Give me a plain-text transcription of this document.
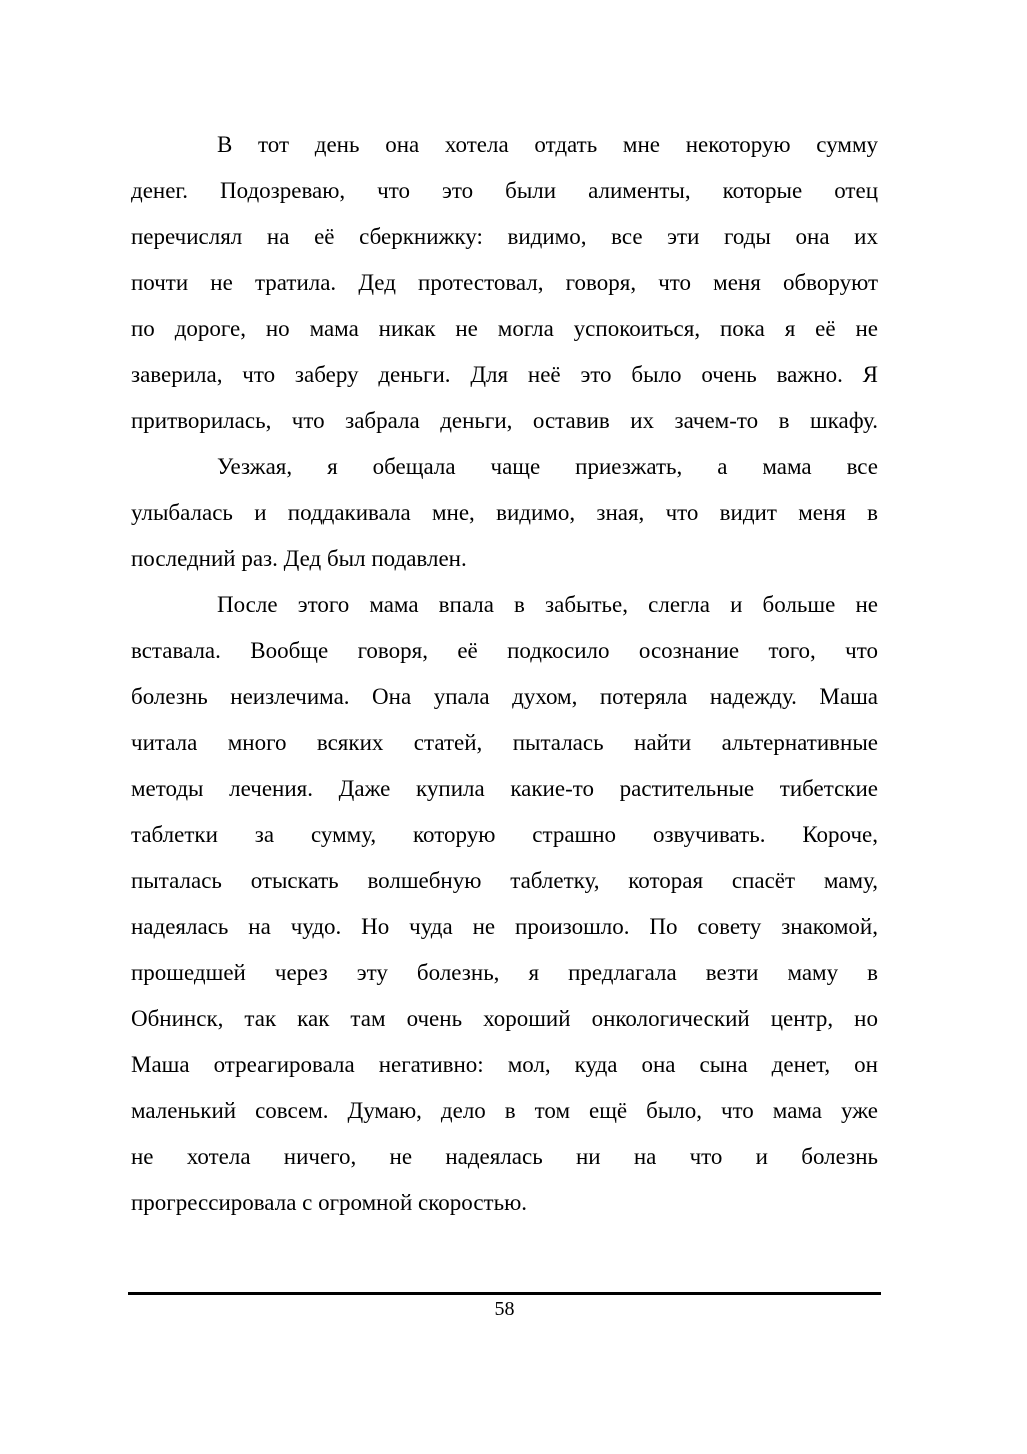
В тот день она хотела отдать мне некоторую сумму
денег. Подозреваю, что это были алименты, которые отец
перечислял на её сберкнижку: видимо, все эти годы она их
почти не тратила. Дед протестовал, говоря, что меня обворуют
по дороге, но мама никак не могла успокоиться, пока я её не
заверила, что заберу деньги. Для неё это было очень важно. Я
притворилась, что забрала деньги, оставив их зачем-то в шкафу.
Уезжая, я обещала чаще приезжать, а мама все
улыбалась и поддакивала мне, видимо, зная, что видит меня в
последний раз. Дед был подавлен.
После этого мама впала в забытье, слегла и больше не
вставала. Вообще говоря, её подкосило осознание того, что
болезнь неизлечима. Она упала духом, потеряла надежду. Маша
читала много всяких статей, пыталась найти альтернативные
методы лечения. Даже купила какие-то растительные тибетские
таблетки за сумму, которую страшно озвучивать. Короче,
пыталась отыскать волшебную таблетку, которая спасёт маму,
надеялась на чудо. Но чуда не произошло. По совету знакомой,
прошедшей через эту болезнь, я предлагала везти маму в
Обнинск, так как там очень хороший онкологический центр, но
Маша отреагировала негативно: мол, куда она сына денет, он
маленький совсем. Думаю, дело в том ещё было, что мама уже
не хотела ничего, не надеялась ни на что и болезнь
прогрессировала с огромной скоростью.
58
